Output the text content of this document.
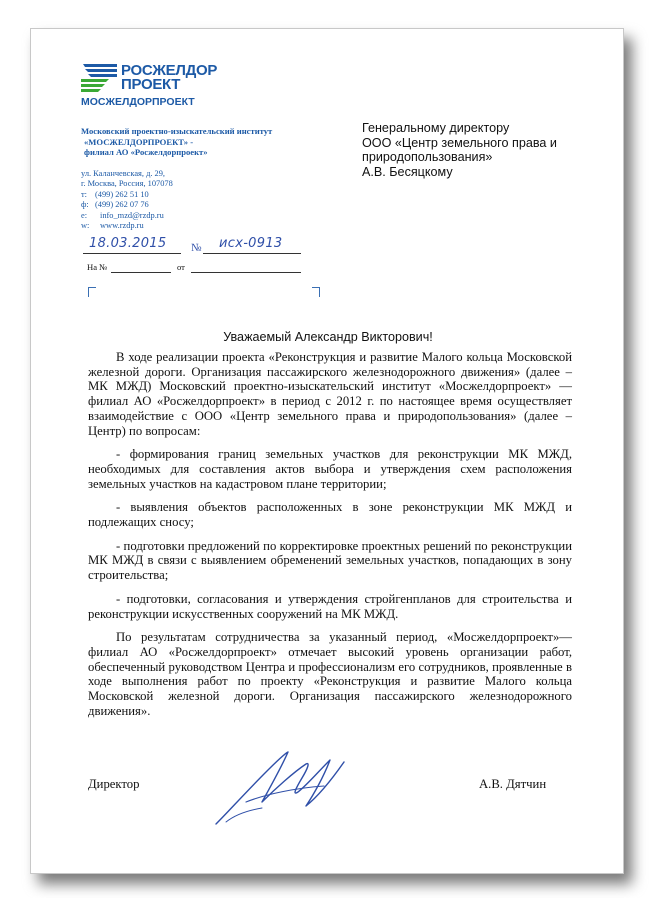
РОСЖЕЛДОР
ПРОЕКТ
МОСЖЕЛДОРПРОЕКТ
Московский проектно-изыскательский институт
«МОСЖЕЛДОРПРОЕКТ» -
филиал АО «Росжелдорпроект»
ул. Каланчевская, д. 29,
г. Москва, Россия, 107078
т: (499) 262 51 10
ф: (499) 262 07 76
e:	info_mzd@rzdp.ru
w:	www.rzdp.ru
Генеральному директору
ООО «Центр земельного права и
природопользования»
А.В. Бесяцкому
18.03.2015 № исх-0913
На №	от
Уважаемый Александр Викторович!

В ходе реализации проекта «Реконструкция и развитие Малого кольца Московской железной дороги. Организация пассажирского железнодорожного движения» (далее – МК МЖД) Московский проектно-изыскательский институт «Мосжелдорпроект» — филиал АО «Росжелдорпроект» в период с 2012 г. по настоящее время осуществляет взаимодействие с ООО «Центр земельного права и природопользования» (далее – Центр) по вопросам:

- формирования границ земельных участков для реконструкции МК МЖД, необходимых для составления актов выбора и утверждения схем расположения земельных участков на кадастровом плане территории;

- выявления объектов расположенных в зоне реконструкции МК МЖД и подлежащих сносу;

- подготовки предложений по корректировке проектных решений по реконструкции МК МЖД в связи с выявлением обременений земельных участков, попадающих в зону строительства;

- подготовки, согласования и утверждения стройгенпланов для строительства и реконструкции искусственных сооружений на МК МЖД.

По результатам сотрудничества за указанный период, «Мосжелдорпроект»— филиал АО «Росжелдорпроект» отмечает высокий уровень организации работ, обеспеченный руководством Центра и профессионализм его сотрудников, проявленные в ходе выполнения работ по проекту «Реконструкция и развитие Малого кольца Московской железной дороги. Организация пассажирского железнодорожного движения».

Директор	А.В. Дятчин
